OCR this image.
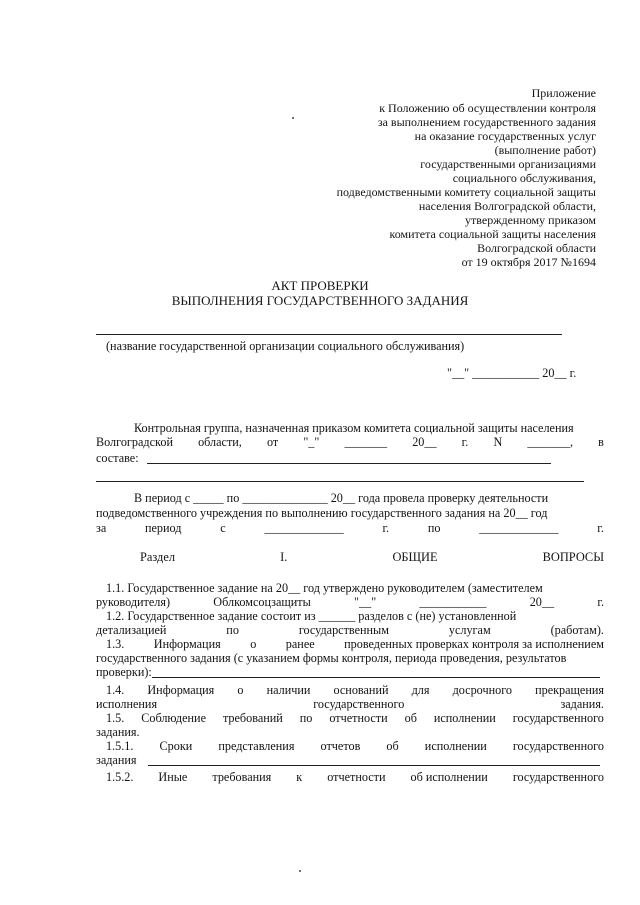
Приложение
к Положению об осуществлении контроля
за выполнением государственного задания
на оказание государственных услуг
(выполнение работ)
государственными организациями
социального обслуживания,
подведомственными комитету социальной защиты
населения Волгоградской области,
утвержденному приказом
комитета социальной защиты населения
Волгоградской области
от 19 октября 2017 №1694
АКТ ПРОВЕРКИ
ВЫПОЛНЕНИЯ ГОСУДАРСТВЕННОГО ЗАДАНИЯ
(название государственной организации социального обслуживания)
"__" ___________ 20__ г.
Контрольная группа, назначенная приказом комитета социальной защиты населения
Волгоградской области, от "_" _______ 20__ г. N _______, в
составе:
В период с _____ по ______________ 20__ года провела проверку деятельности
подведомственного учреждения по выполнению государственного задания на 20__ год
за	период	с	_____________	г.	по	_____________	г.
Раздел	I.	ОБЩИЕ	ВОПРОСЫ
1.1. Государственное задание на 20__ год утверждено руководителем (заместителем
руководителя)	Облкомсоцзащиты	"__"	___________	20__	г.
1.2. Государственное задание состоит из ______ разделов с (не) установленной
детализацией	по	государственным	услугам	(работам).
1.3. Информация о ранее проведенных проверках контроля за исполнением
государственного задания (с указанием формы контроля, периода проведения, результатов
проверки):
1.4. Информация о наличии оснований для досрочного прекращения
исполнения	государственного	задания.
1.5. Соблюдение требований по отчетности об исполнении государственного
задания.
1.5.1. Сроки представления отчетов об исполнении государственного
задания
1.5.2. Иные требования к отчетности об исполнении государственного
